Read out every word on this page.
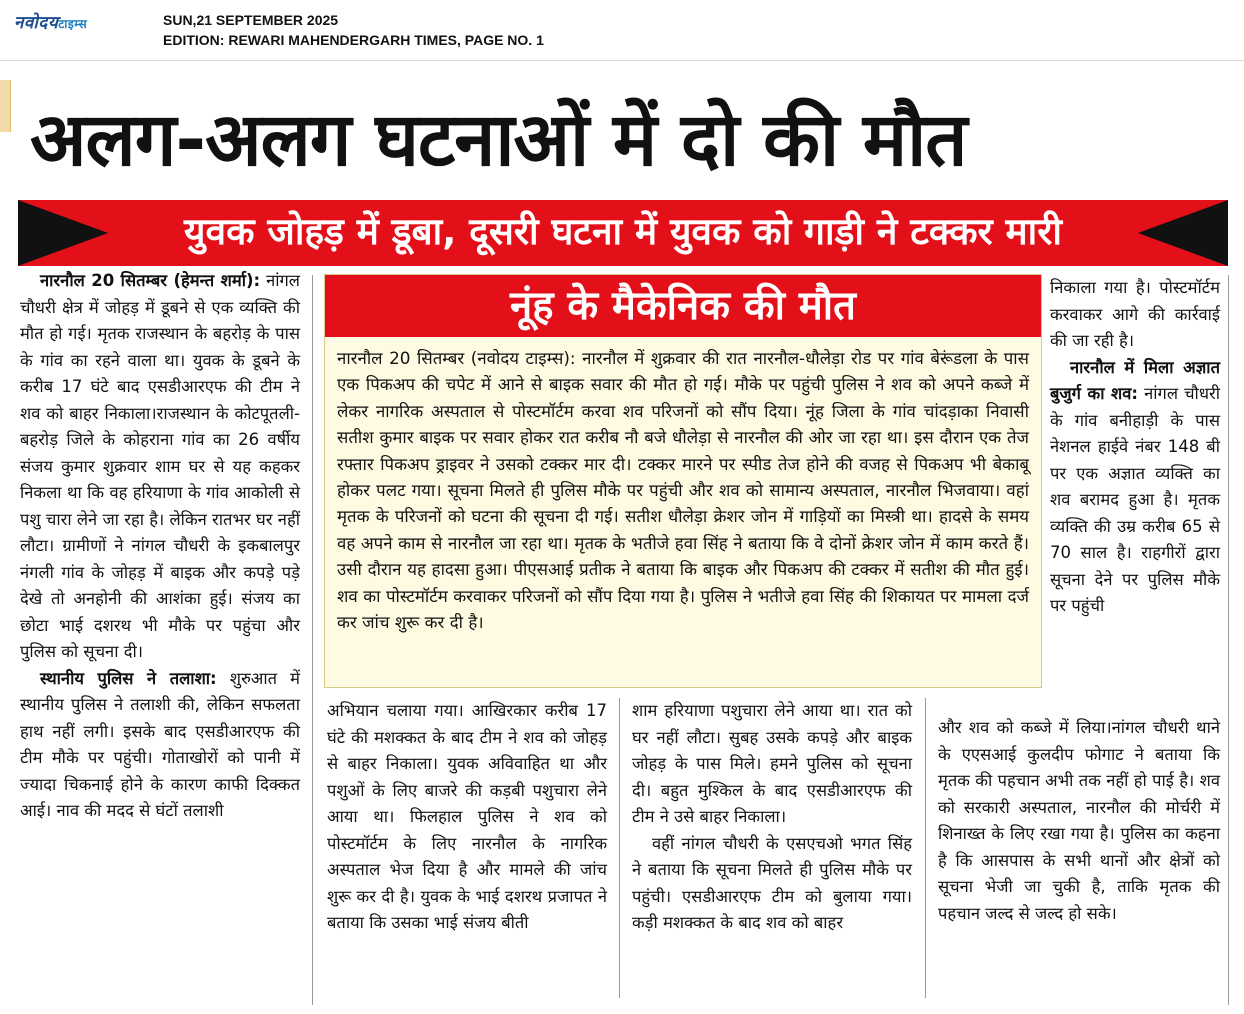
नवोदयटाइम्स	SUN,21 SEPTEMBER 2025
EDITION: REWARI MAHENDERGARH TIMES, PAGE NO. 1
अलग-अलग घटनाओं में दो की मौत
युवक जोहड़ में डूबा, दूसरी घटना में युवक को गाड़ी ने टक्कर मारी

नारनौल 20 सितम्बर (हेमन्त शर्मा): नांगल चौधरी क्षेत्र में जोहड़ में डूबने से एक व्यक्ति की मौत हो गई। मृतक राजस्थान के बहरोड़ के पास के गांव का रहने वाला था। युवक के डूबने के करीब 17 घंटे बाद एसडीआरएफ की टीम ने शव को बाहर निकाला।राजस्थान के कोटपूतली-बहरोड़ जिले के कोहराना गांव का 26 वर्षीय संजय कुमार शुक्रवार शाम घर से यह कहकर निकला था कि वह हरियाणा के गांव आकोली से पशु चारा लेने जा रहा है। लेकिन रातभर घर नहीं लौटा। ग्रामीणों ने नांगल चौधरी के इकबालपुर नंगली गांव के जोहड़ में बाइक और कपड़े पड़े देखे तो अनहोनी की आशंका हुई। संजय का छोटा भाई दशरथ भी मौके पर पहुंचा और पुलिस को सूचना दी।

स्थानीय पुलिस ने तलाशा: शुरुआत में स्थानीय पुलिस ने तलाशी की, लेकिन सफलता हाथ नहीं लगी। इसके बाद एसडीआरएफ की टीम मौके पर पहुंची। गोताखोरों को पानी में ज्यादा चिकनाई होने के कारण काफी दिक्कत आई। नाव की मदद से घंटों तलाशी

नूंह के मैकेनिक की मौत
नारनौल 20 सितम्बर (नवोदय टाइम्स): नारनौल में शुक्रवार की रात नारनौल-धौलेड़ा रोड पर गांव बेरूंडला के पास एक पिकअप की चपेट में आने से बाइक सवार की मौत हो गई। मौके पर पहुंची पुलिस ने शव को अपने कब्जे में लेकर नागरिक अस्पताल से पोस्टमॉर्टम करवा शव परिजनों को सौंप दिया। नूंह जिला के गांव चांदड़ाका निवासी सतीश कुमार बाइक पर सवार होकर रात करीब नौ बजे धौलेड़ा से नारनौल की ओर जा रहा था। इस दौरान एक तेज रफ्तार पिकअप ड्राइवर ने उसको टक्कर मार दी। टक्कर मारने पर स्पीड तेज होने की वजह से पिकअप भी बेकाबू होकर पलट गया। सूचना मिलते ही पुलिस मौके पर पहुंची और शव को सामान्य अस्पताल, नारनौल भिजवाया। वहां मृतक के परिजनों को घटना की सूचना दी गई। सतीश धौलेड़ा क्रेशर जोन में गाड़ियों का मिस्त्री था। हादसे के समय वह अपने काम से नारनौल जा रहा था। मृतक के भतीजे हवा सिंह ने बताया कि वे दोनों क्रेशर जोन में काम करते हैं। उसी दौरान यह हादसा हुआ। पीएसआई प्रतीक ने बताया कि बाइक और पिकअप की टक्कर में सतीश की मौत हुई। शव का पोस्टमॉर्टम करवाकर परिजनों को सौंप दिया गया है। पुलिस ने भतीजे हवा सिंह की शिकायत पर मामला दर्ज कर जांच शुरू कर दी है।

अभियान चलाया गया। आखिरकार करीब 17 घंटे की मशक्कत के बाद टीम ने शव को जोहड़ से बाहर निकाला। युवक अविवाहित था और पशुओं के लिए बाजरे की कड़बी पशुचारा लेने आया था। फिलहाल पुलिस ने शव को पोस्टमॉर्टम के लिए नारनौल के नागरिक अस्पताल भेज दिया है और मामले की जांच शुरू कर दी है। युवक के भाई दशरथ प्रजापत ने बताया कि उसका भाई संजय बीती

शाम हरियाणा पशुचारा लेने आया था। रात को घर नहीं लौटा। सुबह उसके कपड़े और बाइक जोहड़ के पास मिले। हमने पुलिस को सूचना दी। बहुत मुश्किल के बाद एसडीआरएफ की टीम ने उसे बाहर निकाला।

वहीं नांगल चौधरी के एसएचओ भगत सिंह ने बताया कि सूचना मिलते ही पुलिस मौके पर पहुंची। एसडीआरएफ टीम को बुलाया गया। कड़ी मशक्कत के बाद शव को बाहर

निकाला गया है। पोस्टमॉर्टम करवाकर आगे की कार्रवाई की जा रही है।

नारनौल में मिला अज्ञात बुजुर्ग का शव: नांगल चौधरी के गांव बनीहाड़ी के पास नेशनल हाईवे नंबर 148 बी पर एक अज्ञात व्यक्ति का शव बरामद हुआ है। मृतक व्यक्ति की उम्र करीब 65 से 70 साल है। राहगीरों द्वारा सूचना देने पर पुलिस मौके पर पहुंची

और शव को कब्जे में लिया।नांगल चौधरी थाने के एएसआई कुलदीप फोगाट ने बताया कि मृतक की पहचान अभी तक नहीं हो पाई है। शव को सरकारी अस्पताल, नारनौल की मोर्चरी में शिनाख्त के लिए रखा गया है। पुलिस का कहना है कि आसपास के सभी थानों और क्षेत्रों को सूचना भेजी जा चुकी है, ताकि मृतक की पहचान जल्द से जल्द हो सके।
